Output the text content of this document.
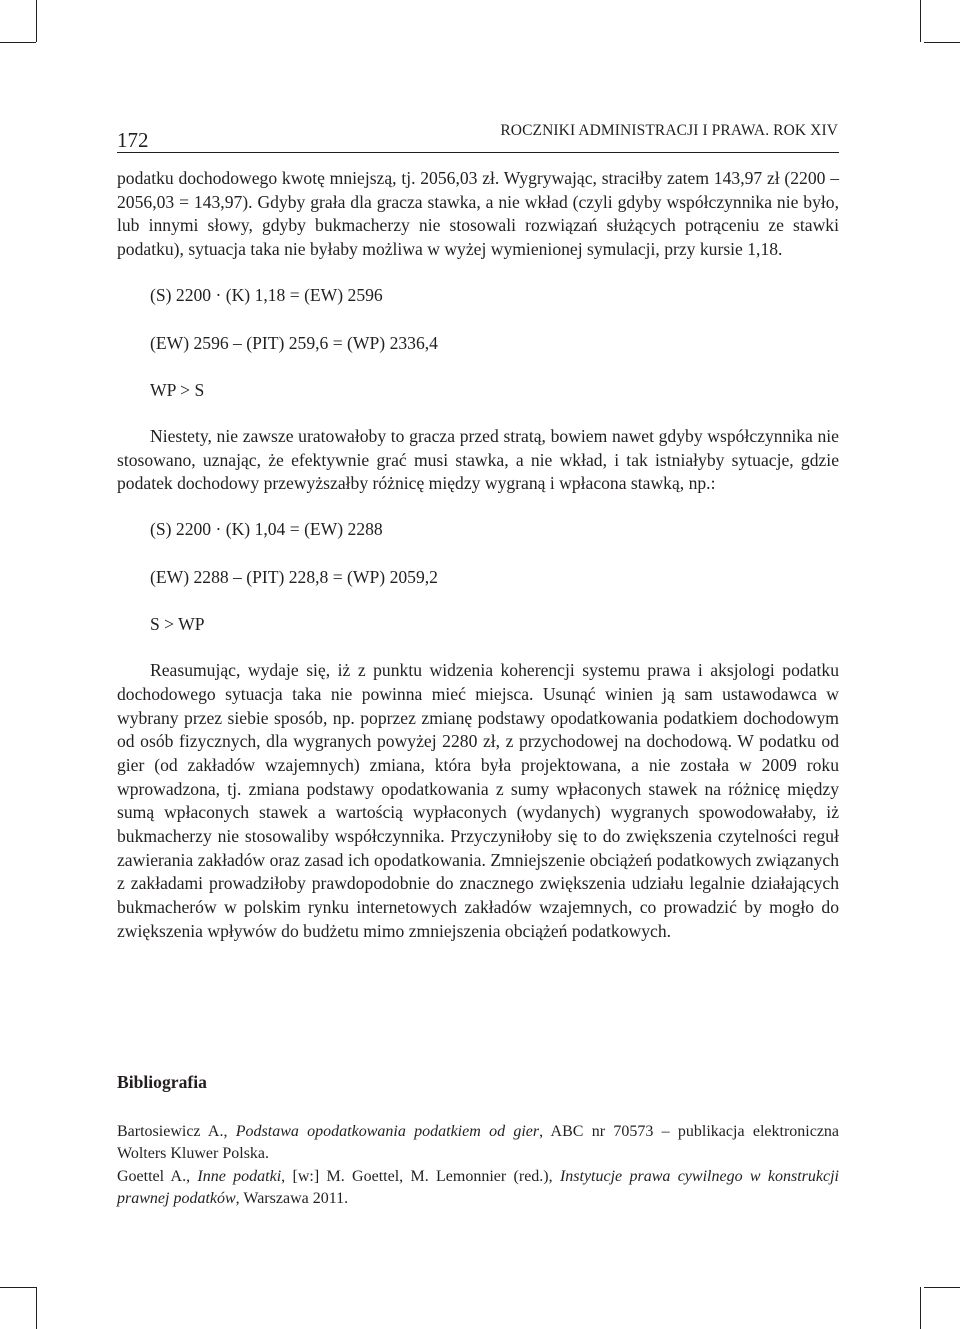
172	ROCZNIKI ADMINISTRACJI I PRAWA. ROK XIV

podatku dochodowego kwotę mniejszą, tj. 2056,03 zł. Wygrywając, straciłby zatem 143,97 zł (2200 – 2056,03 = 143,97). Gdyby grała dla gracza stawka, a nie wkład (czyli gdyby współczynnika nie było, lub innymi słowy, gdyby bukmacherzy nie stosowali rozwiązań służących potrąceniu ze stawki podatku), sytuacja taka nie byłaby możliwa w wyżej wymienionej symulacji, przy kursie 1,18.

(S) 2200 · (K) 1,18 = (EW) 2596
(EW) 2596 – (PIT) 259,6 = (WP) 2336,4
WP > S

Niestety, nie zawsze uratowałoby to gracza przed stratą, bowiem nawet gdyby współczynnika nie stosowano, uznając, że efektywnie grać musi stawka, a nie wkład, i tak istniałyby sytuacje, gdzie podatek dochodowy przewyższałby różnicę między wygraną i wpłacona stawką, np.:

(S) 2200 · (K) 1,04 = (EW) 2288
(EW) 2288 – (PIT) 228,8 = (WP) 2059,2
S > WP

Reasumując, wydaje się, iż z punktu widzenia koherencji systemu prawa i aksjologi podatku dochodowego sytuacja taka nie powinna mieć miejsca. Usunąć winien ją sam ustawodawca w wybrany przez siebie sposób, np. poprzez zmianę podstawy opodatkowania podatkiem dochodowym od osób fizycznych, dla wygranych powyżej 2280 zł, z przychodowej na dochodową. W podatku od gier (od zakładów wzajemnych) zmiana, która była projektowana, a nie została w 2009 roku wprowadzona, tj. zmiana podstawy opodatkowania z sumy wpłaconych stawek na różnicę między sumą wpłaconych stawek a wartością wypłaconych (wydanych) wygranych spowodowałaby, iż bukmacherzy nie stosowaliby współczynnika. Przyczyniłoby się to do zwiększenia czytelności reguł zawierania zakładów oraz zasad ich opodatkowania. Zmniejszenie obciążeń podatkowych związanych z zakładami prowadziłoby prawdopodobnie do znacznego zwiększenia udziału legalnie działających bukmacherów w polskim rynku internetowych zakładów wzajemnych, co prowadzić by mogło do zwiększenia wpływów do budżetu mimo zmniejszenia obciążeń podatkowych.

Bibliografia

Bartosiewicz A., Podstawa opodatkowania podatkiem od gier, ABC nr 70573 – publikacja elektroniczna Wolters Kluwer Polska.

Goettel A., Inne podatki, [w:] M. Goettel, M. Lemonnier (red.), Instytucje prawa cywilnego w konstrukcji prawnej podatków, Warszawa 2011.
